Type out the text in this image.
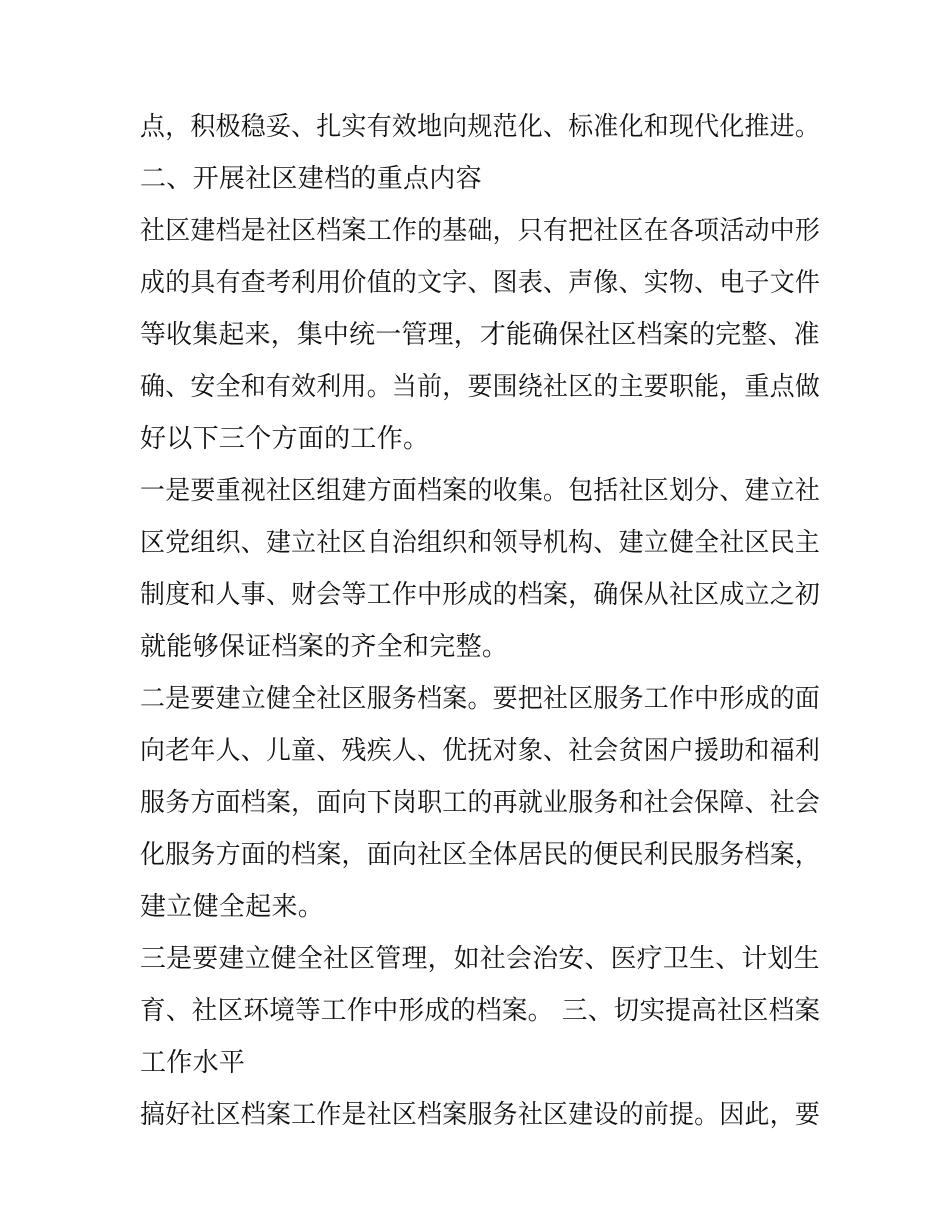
点，积极稳妥、扎实有效地向规范化、标准化和现代化推进。
二、开展社区建档的重点内容
社区建档是社区档案工作的基础，只有把社区在各项活动中形
成的具有查考利用价值的文字、图表、声像、实物、电子文件
等收集起来，集中统一管理，才能确保社区档案的完整、准
确、安全和有效利用。当前，要围绕社区的主要职能，重点做
好以下三个方面的工作。
一是要重视社区组建方面档案的收集。包括社区划分、建立社
区党组织、建立社区自治组织和领导机构、建立健全社区民主
制度和人事、财会等工作中形成的档案，确保从社区成立之初
就能够保证档案的齐全和完整。
二是要建立健全社区服务档案。要把社区服务工作中形成的面
向老年人、儿童、残疾人、优抚对象、社会贫困户援助和福利
服务方面档案，面向下岗职工的再就业服务和社会保障、社会
化服务方面的档案，面向社区全体居民的便民利民服务档案，
建立健全起来。
三是要建立健全社区管理，如社会治安、医疗卫生、计划生
育、社区环境等工作中形成的档案。 三、切实提高社区档案
工作水平
搞好社区档案工作是社区档案服务社区建设的前提。因此，要
